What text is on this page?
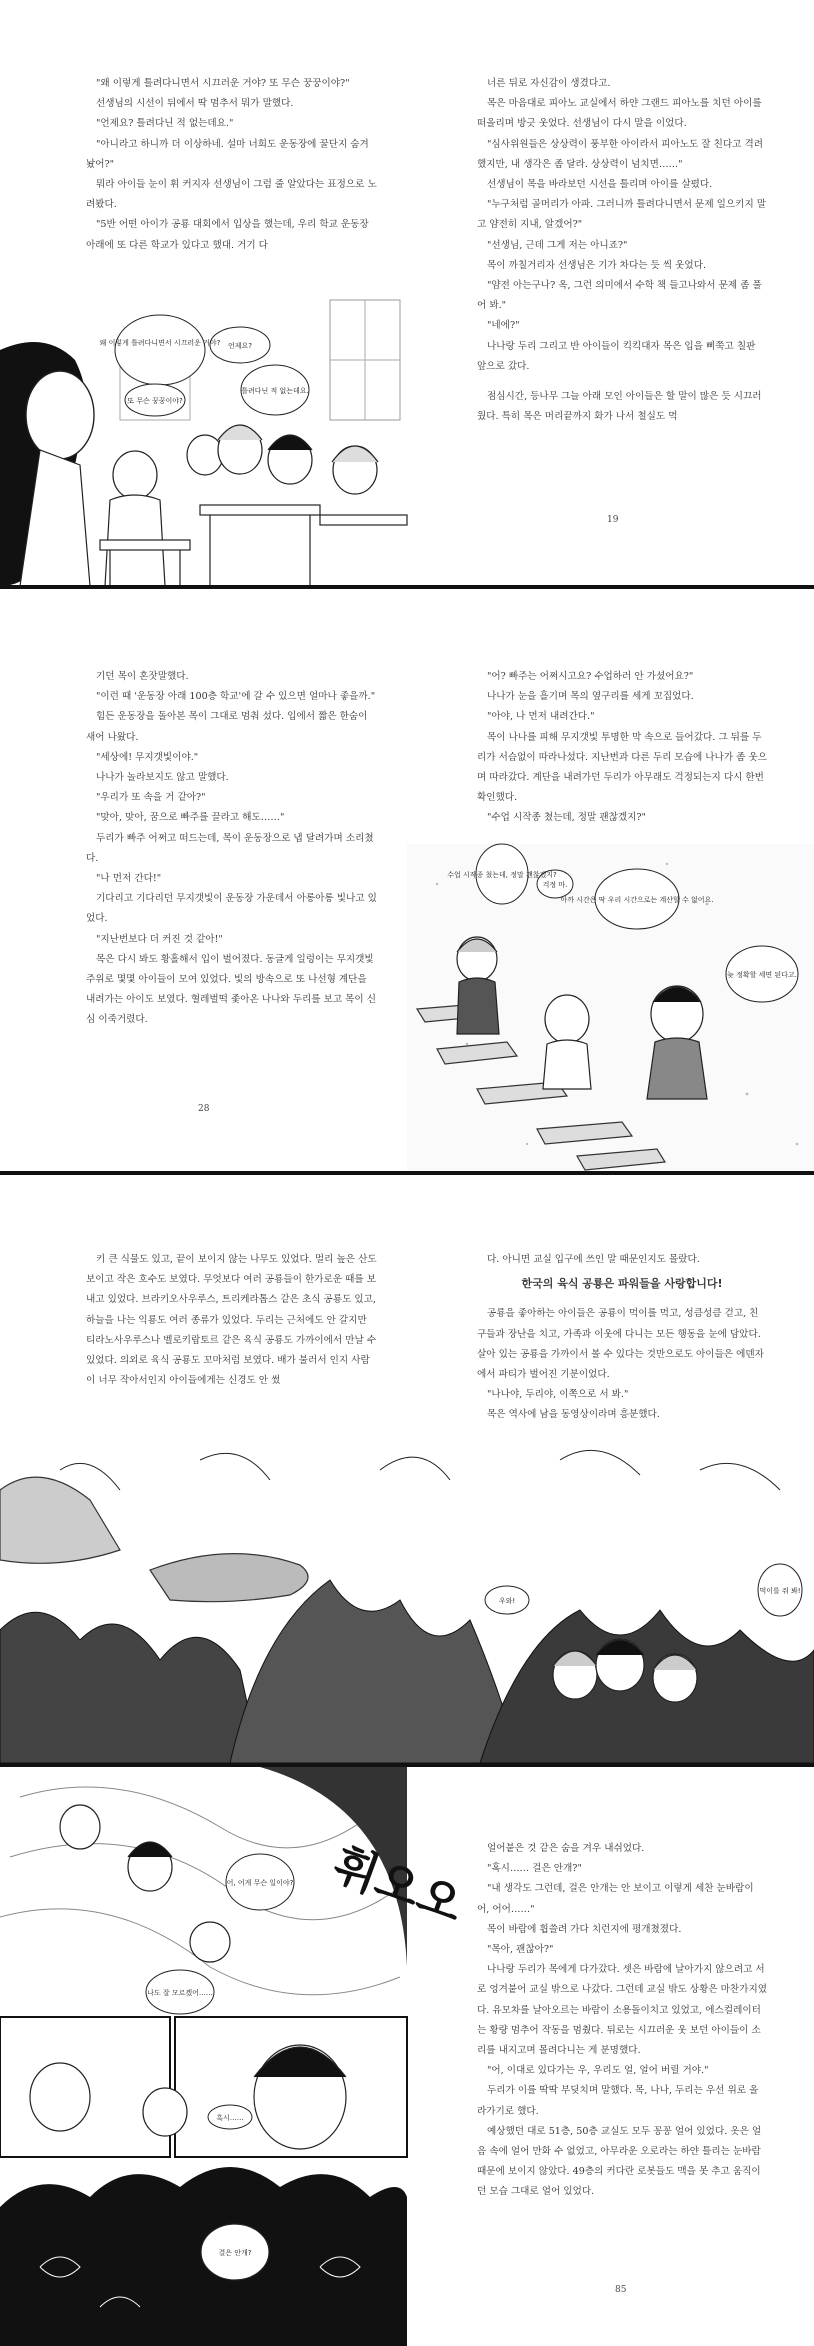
"왜 이렇게 틀려다니면서 시끄러운 거야? 또 무슨 꿍꿍이야?"

선생님의 시선이 뒤에서 딱 멈추서 뭐가 말했다.

"언제요? 틀려다닌 적 없는데요."

"아니라고 하니까 더 이상하네. 설마 너희도 운동장에 꿀단지 숨겨 놨어?"

뭐라 아이들 눈이 휘 커지자 선생님이 그럼 줄 알았다는 표정으로 노려봤다.

"5반 어떤 아이가 공룡 대회에서 입상을 했는데, 우리 학교 운동장 아래에 또 다른 학교가 있다고 했대. 거기 다

왜 이렇게 틀려다니면서 시끄러운 거야?
또 무슨 꿍꿍이야?
언제요?
틀려다닌 적 없는데요.

너른 뒤로 자신감이 생겼다고.

목은 마음대로 피아노 교실에서 하얀 그랜드 피아노를 치던 아이를 떠올리며 방긋 웃었다. 선생님이 다시 말을 이었다.

"심사위원들은 상상력이 풍부한 아이라서 피아노도 잘 친다고 격려했지만, 내 생각은 좀 달라. 상상력이 넘치면……"

선생님이 목을 바라보던 시선을 틀리며 아이를 살폈다.

"누구처럼 골머리가 아파. 그러니까 틀려다니면서 문제 일으키지 말고 얌전히 지내, 알겠어?"

"선생님, 근데 그게 저는 아니죠?"

목이 까칠거리자 선생님은 기가 차다는 듯 씩 웃었다.

"얌전 아는구나? 옥, 그런 의미에서 수학 책 들고나와서 문제 좀 풀어 봐."

"네에?"

나나랑 두리 그리고 반 아이들이 킥킥대자 목은 입을 삐쭉고 칠판 앞으로 갔다.

점심시간, 등나무 그늘 아래 모인 아이들은 할 말이 많은 듯 시끄러웠다. 특히 목은 머리끝까지 화가 나서 철실도 먹

19

기던 목이 혼잣말했다.

"이런 때 '운동장 아래 100층 학교'에 갈 수 있으면 얼마나 좋을까."

힘든 운동장을 돌아본 목이 그대로 멈춰 섰다. 입에서 짧은 한숨이 새어 나왔다.

"세상에! 무지갯빛이야."

나나가 놀라보지도 않고 말했다.

"우리가 또 속을 거 같아?"

"맞아, 맞아, 꿈으로 빠주를 끌라고 해도……"

두리가 빠주 어쩌고 떠드는데, 목이 운동장으로 냅 달려가며 소리쳤다.

"나 먼저 간다!"

기다리고 기다리던 무지갯빛이 운동장 가운데서 아롱아롱 빛나고 있었다.

"지난번보다 더 커진 것 같아!"

목은 다시 봐도 황홀해서 입이 벌어졌다. 동글게 일렁이는 무지갯빛 주위로 몇몇 아이들이 모여 있었다. 빛의 방속으로 또 나선형 계단을 내려가는 아이도 보였다. 혈레벌떡 좇아온 나나와 두리를 보고 목이 신심 이죽거렸다.

28

"어? 빠주는 어쩌시고요? 수업하러 안 가셨어요?"

나나가 눈을 흘기며 목의 옆구리를 세게 꼬집었다.

"아야, 나 먼저 내려간다."

목이 나나를 피해 무지갯빛 투명한 막 속으로 들어갔다. 그 뒤를 두리가 서슴없이 따라나섰다. 지난번과 다른 두리 모습에 나나가 좀 웃으며 따라갔다. 계단을 내려가던 두리가 아무래도 걱정되는지 다시 한번 확인했다.

"수업 시작종 쳤는데, 정말 괜찮겠지?"

수업 시작종 쳤는데, 정말 괜찮겠지?
걱정 마.
아까 시간은 딱 우리 시간으로는 계산할 수 없어요.
늦 정확할 세면 된다고.

키 큰 식물도 있고, 끝이 보이지 않는 나무도 있었다. 멀리 높은 산도 보이고 작은 호수도 보였다. 무엇보다 여러 공룡들이 한가로운 때를 보내고 있었다. 브라키오사우루스, 트리케라톱스 같은 초식 공룡도 있고, 하늘을 나는 익룡도 여러 종류가 있었다. 두리는 근처에도 안 갈지만 티라노사우루스나 벨로키랍토르 같은 육식 공룡도 가까이에서 만날 수 있었다. 의외로 육식 공룡도 꼬마처럼 보였다. 배가 불러서 인지 사람이 너무 작아서인지 아이들에게는 신경도 안 썼

다. 아니면 교실 입구에 쓰인 말 때문인지도 몰랐다.

한국의 육식 공룡은 파워들을 사랑합니다!

공룡을 좋아하는 아이들은 공룡이 먹이를 먹고, 성큼성큼 걷고, 친구들과 장난을 치고, 가족과 이웃에 다니는 모든 행동을 눈에 담았다. 살아 있는 공룡을 가까이서 볼 수 있다는 것만으로도 아이들은 에덴자에서 파티가 벌어진 기분이었다.

"나나야, 두리야, 이쪽으로 서 봐."

목은 역사에 남을 동영상이라며 흥분했다.

우와!
먹이를 줘 봐!
휘오오
어, 어게 무슨 일이야?
나도 잘 모르겠어……
흑시……
결은 안개?

얼어붙은 것 같은 숨을 겨우 내쉬었다.

"혹시…… 걸은 안개?"

"내 생각도 그런데, 걸은 안개는 안 보이고 이렇게 세찬 눈바람이 어, 어어……"

목이 바람에 휩쓸려 가다 치런지에 평개쳤졌다.

"목아, 괜찮아?"

나나랑 두리가 목에게 다가갔다. 셋은 바람에 날아가지 않으려고 서로 엉겨붙어 교실 밖으로 나갔다. 그런데 교실 밖도 상황은 마찬가지였다. 유모차를 날아오르는 바람이 소용돌이치고 있었고, 에스컬레이터는 황량 멈추어 작동을 멈췄다. 뒤로는 시끄러운 웃 보던 아이들이 소리를 내지고며 몰려다니는 게 분명했다.

"어, 이대로 있다가는 우, 우리도 얼, 얼어 버릴 거야."

두리가 이를 딱딱 부딪치며 말했다. 목, 나나, 두리는 우선 위로 올라가기로 했다.

예상했던 대로 51층, 50층 교실도 모두 꽁꽁 얼어 있었다. 옷은 얼음 속에 얼어 만화 수 없었고, 아무라운 오로라는 하얀 틀리는 눈바람 때문에 보이지 않았다. 49층의 커다란 로봇들도 맥을 못 추고 움직이던 모습 그대로 얼어 있었다.

85
